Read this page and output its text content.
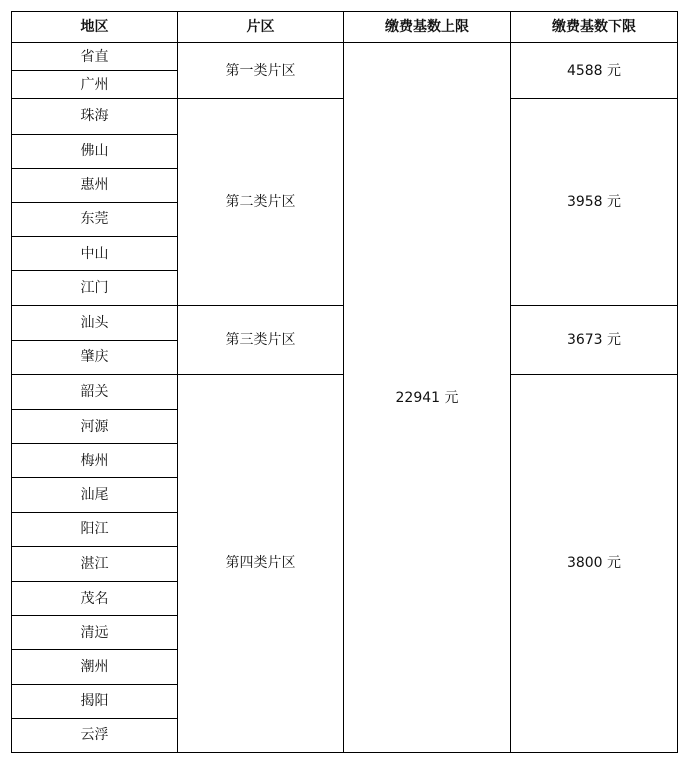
地区	片区	缴费基数上限	缴费基数下限
省直	第一类片区	22941 元	4588 元
广州			
珠海	第二类片区		3958 元
佛山			
惠州			
东莞			
中山			
江门			
汕头	第三类片区		3673 元
肇庆			
韶关	第四类片区		3800 元
河源			
梅州			
汕尾			
阳江			
湛江			
茂名			
清远			
潮州			
揭阳			
云浮			
